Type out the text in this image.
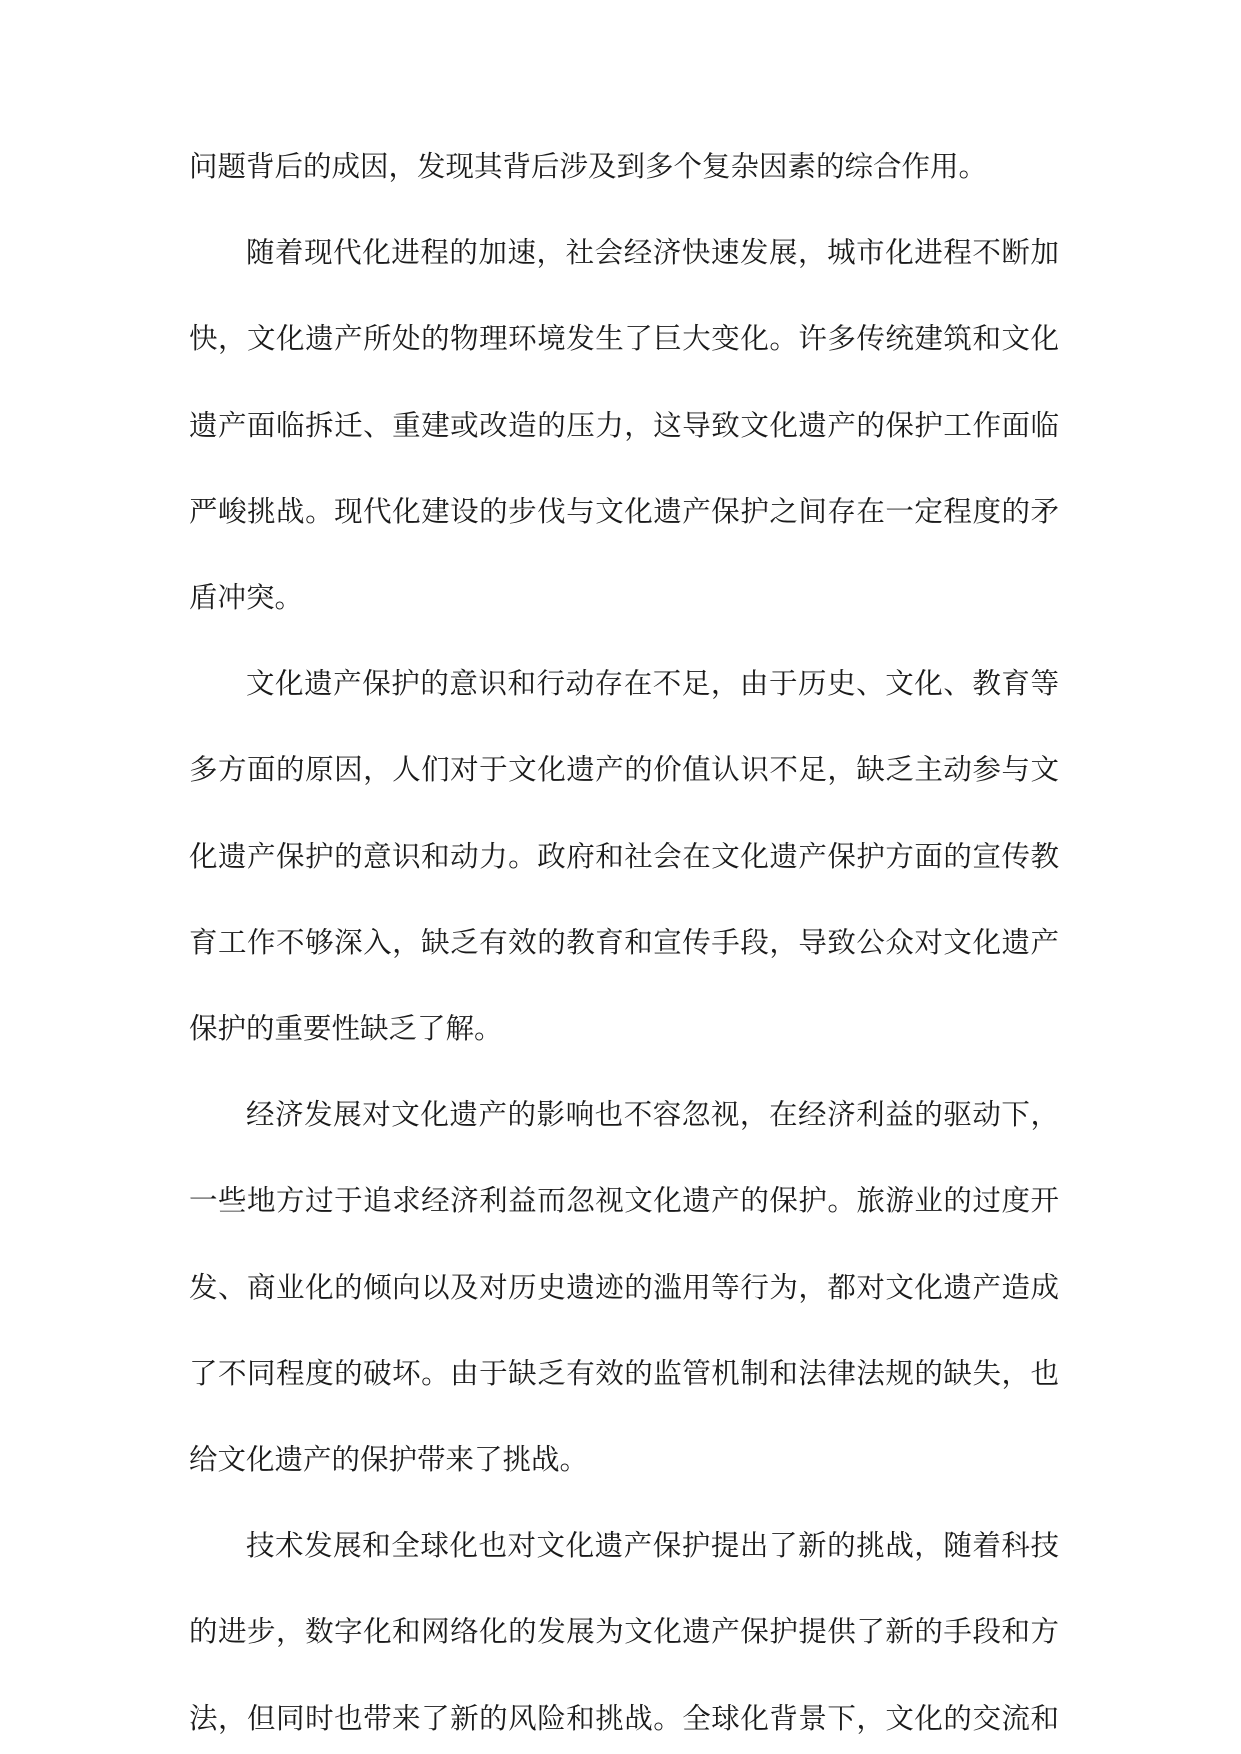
问题背后的成因，发现其背后涉及到多个复杂因素的综合作用。
随着现代化进程的加速，社会经济快速发展，城市化进程不断加
快，文化遗产所处的物理环境发生了巨大变化。许多传统建筑和文化
遗产面临拆迁、重建或改造的压力，这导致文化遗产的保护工作面临
严峻挑战。现代化建设的步伐与文化遗产保护之间存在一定程度的矛
盾冲突。
文化遗产保护的意识和行动存在不足，由于历史、文化、教育等
多方面的原因，人们对于文化遗产的价值认识不足，缺乏主动参与文
化遗产保护的意识和动力。政府和社会在文化遗产保护方面的宣传教
育工作不够深入，缺乏有效的教育和宣传手段，导致公众对文化遗产
保护的重要性缺乏了解。
经济发展对文化遗产的影响也不容忽视，在经济利益的驱动下，
一些地方过于追求经济利益而忽视文化遗产的保护。旅游业的过度开
发、商业化的倾向以及对历史遗迹的滥用等行为，都对文化遗产造成
了不同程度的破坏。由于缺乏有效的监管机制和法律法规的缺失，也
给文化遗产的保护带来了挑战。
技术发展和全球化也对文化遗产保护提出了新的挑战，随着科技
的进步，数字化和网络化的发展为文化遗产保护提供了新的手段和方
法，但同时也带来了新的风险和挑战。全球化背景下，文化的交流和
